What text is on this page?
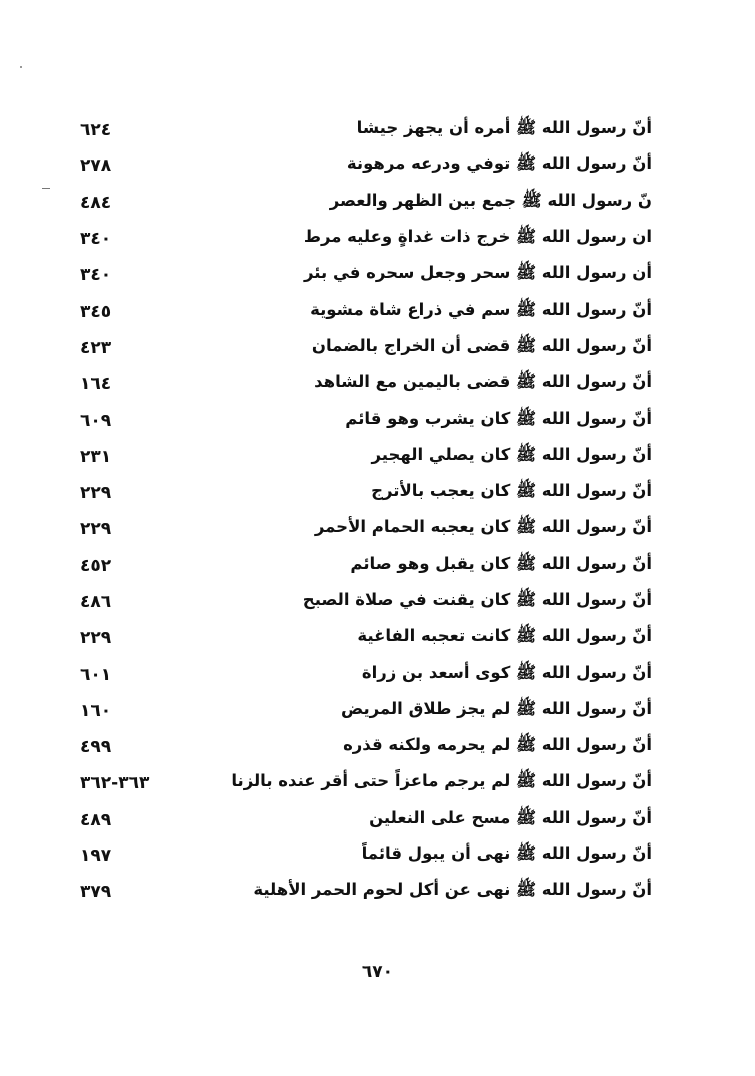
٦٢٤	أنّ رسول الله ﷺ أمره أن يجهز جيشا
٢٧٨	أنّ رسول الله ﷺ توفي ودرعه مرهونة
٤٨٤	نّ رسول الله ﷺ جمع بين الظهر والعصر
٣٤٠	ان رسول الله ﷺ خرج ذات غداةٍ وعليه مرط
٣٤٠	أن رسول الله ﷺ سحر وجعل سحره في بئر
٣٤٥	أنّ رسول الله ﷺ سم في ذراع شاة مشوية
٤٢٣	أنّ رسول الله ﷺ قضى أن الخراج بالضمان
١٦٤	أنّ رسول الله ﷺ قضى باليمين مع الشاهد
٦٠٩	أنّ رسول الله ﷺ كان يشرب وهو قائم
٢٣١	أنّ رسول الله ﷺ كان يصلي الهجير
٢٢٩	أنّ رسول الله ﷺ كان يعجب بالأترج
٢٢٩	أنّ رسول الله ﷺ كان يعجبه الحمام الأحمر
٤٥٢	أنّ رسول الله ﷺ كان يقبل وهو صائم
٤٨٦	أنّ رسول الله ﷺ كان يقنت في صلاة الصبح
٢٢٩	أنّ رسول الله ﷺ كانت تعجبه الفاغية
٦٠١	أنّ رسول الله ﷺ كوى أسعد بن زراة
١٦٠	أنّ رسول الله ﷺ لم يجز طلاق المريض
٤٩٩	أنّ رسول الله ﷺ لم يحرمه ولكنه قذره
٣٦٣-٣٦٢	أنّ رسول الله ﷺ لم يرجم ماعزاً حتى أقر عنده بالزنا
٤٨٩	أنّ رسول الله ﷺ مسح على النعلين
١٩٧	أنّ رسول الله ﷺ نهى أن يبول قائماً
٣٧٩	أنّ رسول الله ﷺ نهى عن أكل لحوم الحمر الأهلية
٦٧٠
